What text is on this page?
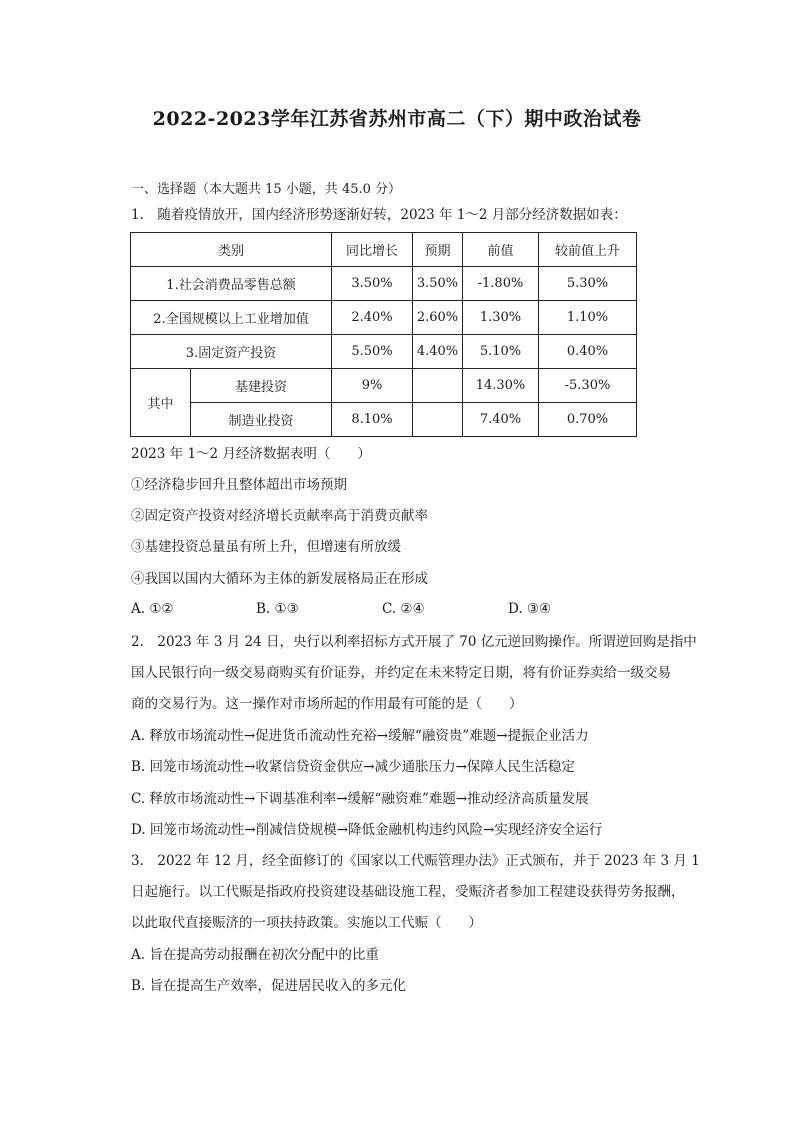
2022-2023学年江苏省苏州市高二（下）期中政治试卷
一、选择题（本大题共 15 小题，共 45.0 分）
1.　随着疫情放开，国内经济形势逐渐好转，2023 年 1～2 月部分经济数据如表：
类别		同比增长	预期	前值	较前值上升
1.社会消费品零售总额		3.50%	3.50%	-1.80%	5.30%
2.全国规模以上工业增加值		2.40%	2.60%	1.30%	1.10%
3.固定资产投资		5.50%	4.40%	5.10%	0.40%
其中	基建投资	9%		14.30%	-5.30%
	制造业投资	8.10%		7.40%	0.70%
2023 年 1～2 月经济数据表明（　　）
①经济稳步回升且整体超出市场预期
②固定资产投资对经济增长贡献率高于消费贡献率
③基建投资总量虽有所上升，但增速有所放缓
④我国以国内大循环为主体的新发展格局正在形成
A. ①②	B. ①③	C. ②④	D. ③④
2.　2023 年 3 月 24 日，央行以利率招标方式开展了 70 亿元逆回购操作。所谓逆回购是指中
国人民银行向一级交易商购买有价证券，并约定在未来特定日期，将有价证券卖给一级交易
商的交易行为。这一操作对市场所起的作用最有可能的是（　　）
A. 释放市场流动性→促进货币流动性充裕→缓解“融资贵”难题→提振企业活力
B. 回笼市场流动性→收紧信贷资金供应→减少通胀压力→保障人民生活稳定
C. 释放市场流动性→下调基准利率→缓解“融资难”难题→推动经济高质量发展
D. 回笼市场流动性→削减信贷规模→降低金融机构违约风险→实现经济安全运行
3.　2022 年 12 月，经全面修订的《国家以工代赈管理办法》正式颁布，并于 2023 年 3 月 1
日起施行。以工代赈是指政府投资建设基础设施工程，受赈济者参加工程建设获得劳务报酬，
以此取代直接赈济的一项扶持政策。实施以工代赈（　　）
A. 旨在提高劳动报酬在初次分配中的比重
B. 旨在提高生产效率，促进居民收入的多元化
